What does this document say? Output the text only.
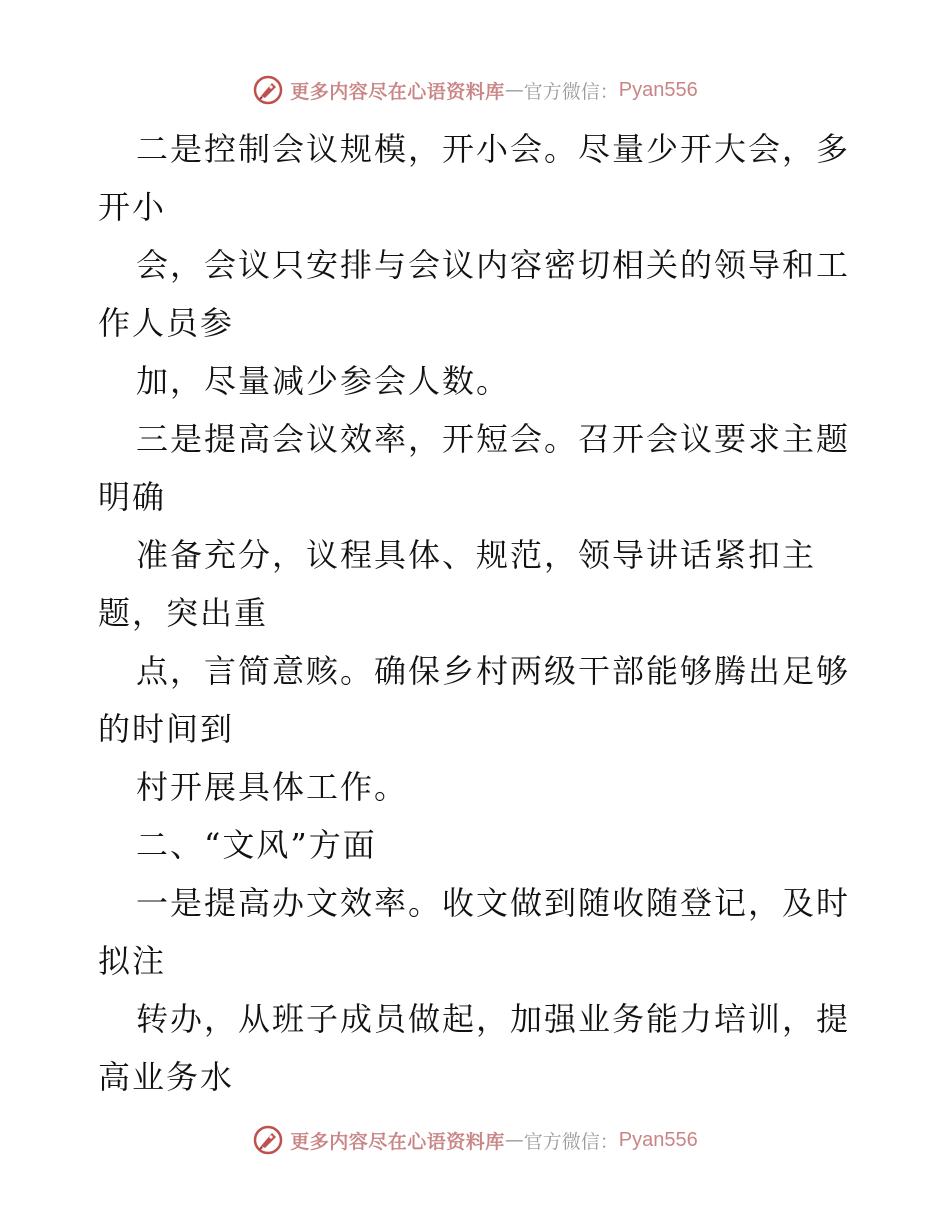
更多内容尽在心语资料库 — 官方微信： Pyan556
二是控制会议规模，开小会。尽量少开大会，多
开小
会，会议只安排与会议内容密切相关的领导和工
作人员参
加，尽量减少参会人数。
三是提高会议效率，开短会。召开会议要求主题
明确
准备充分，议程具体、规范，领导讲话紧扣主
题，突出重
点，言简意赅。确保乡村两级干部能够腾出足够
的时间到
村开展具体工作。
二、“文风”方面
一是提高办文效率。收文做到随收随登记，及时
拟注
转办，从班子成员做起，加强业务能力培训，提
高业务水
更多内容尽在心语资料库 — 官方微信： Pyan556
